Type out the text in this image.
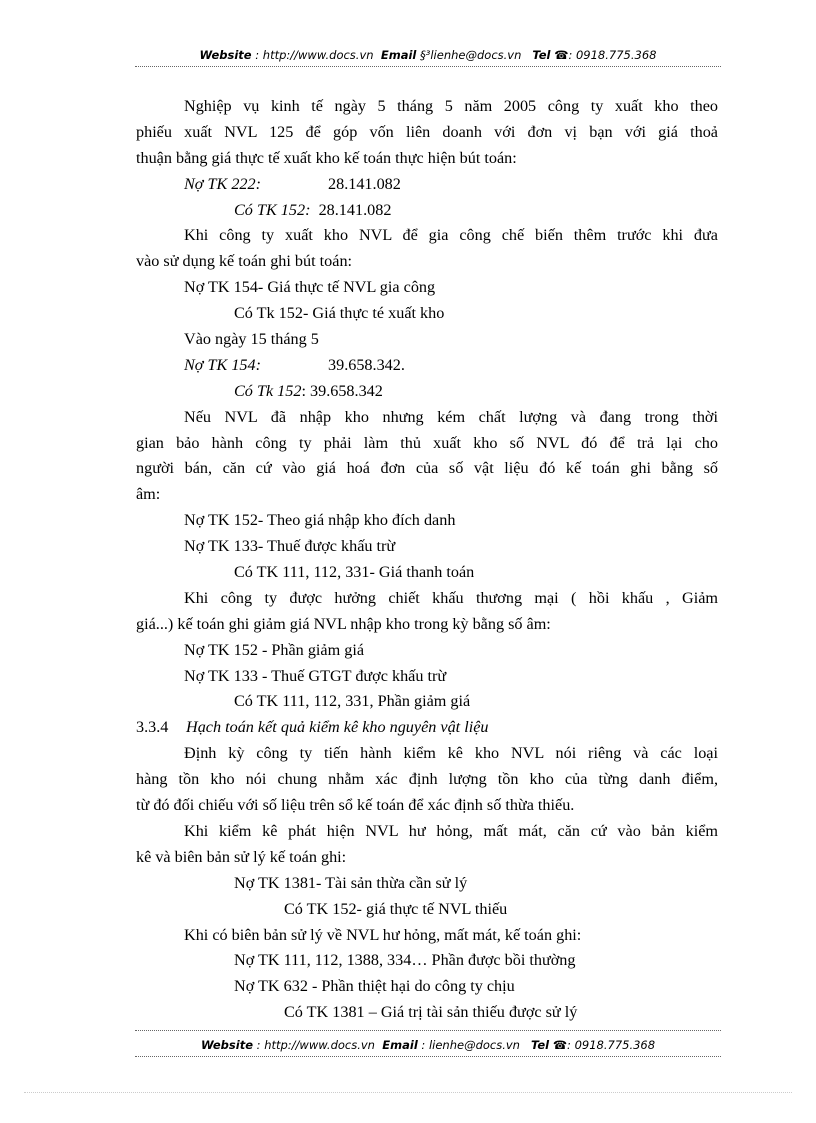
Website : http://www.docs.vn Email §³lienhe@docs.vn Tel ☎: 0918.775.368
Nghiệp vụ kinh tế ngày 5 tháng 5 năm 2005 công ty xuất kho theo
phiếu xuất NVL 125 để góp vốn liên doanh với đơn vị bạn với giá thoả
thuận bằng giá thực tế xuất kho kế toán thực hiện bút toán:
Nợ TK 222:	28.141.082
Có TK 152: 28.141.082
Khi công ty xuất kho NVL để gia công chế biến thêm trước khi đưa
vào sử dụng kế toán ghi bút toán:
Nợ TK 154- Giá thực tế NVL gia công
Có Tk 152- Giá thực té xuất kho
Vào ngày 15 tháng 5
Nợ TK 154:	39.658.342.
Có Tk 152: 39.658.342
Nếu NVL đã nhập kho nhưng kém chất lượng và đang trong thời
gian bảo hành công ty phải làm thủ xuất kho số NVL đó để trả lại cho
người bán, căn cứ vào giá hoá đơn của số vật liệu đó kế toán ghi bằng số
âm:
Nợ TK 152- Theo giá nhập kho đích danh
Nợ TK 133- Thuế được khấu trừ
Có TK 111, 112, 331- Giá thanh toán
Khi công ty được hưởng chiết khấu thương mại ( hồi khấu , Giảm
giá...) kế toán ghi giảm giá NVL nhập kho trong kỳ bằng số âm:
Nợ TK 152 - Phần giảm giá
Nợ TK 133 - Thuế GTGT được khấu trừ
Có TK 111, 112, 331, Phần giảm giá
3.3.4 Hạch toán kết quả kiểm kê kho nguyên vật liệu
Định kỳ công ty tiến hành kiểm kê kho NVL nói riêng và các loại
hàng tồn kho nói chung nhằm xác định lượng tồn kho của từng danh điểm,
từ đó đối chiếu với số liệu trên sổ kế toán để xác định số thừa thiếu.
Khi kiểm kê phát hiện NVL hư hỏng, mất mát, căn cứ vào bản kiểm
kê và biên bản sử lý kế toán ghi:
Nợ TK 1381- Tài sản thừa cần sử lý
Có TK 152- giá thực tế NVL thiếu
Khi có biên bản sử lý về NVL hư hỏng, mất mát, kế toán ghi:
Nợ TK 111, 112, 1388, 334… Phần được bồi thường
Nợ TK 632 - Phần thiệt hại do công ty chịu
Có TK 1381 – Giá trị tài sản thiếu được sử lý
Website : http://www.docs.vn Email : lienhe@docs.vn Tel ☎: 0918.775.368
